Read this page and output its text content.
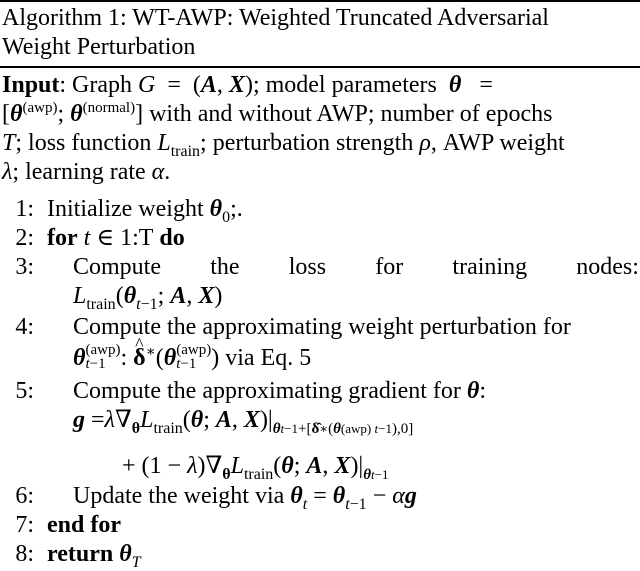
Algorithm 1: WT-AWP: Weighted Truncated Adversarial
Weight Perturbation
Input: Graph G  =  (A, X); model parameters  θ   =
[$\theta^{(awp)}$; $\theta^{(normal)}$] with and without AWP; number of epochs
T; loss function $L_{train}$; perturbation strength ρ, AWP weight
λ; learning rate α.
1: Initialize weight $\theta_0$;.
2: for t ∈ 1:T do
3: Compute the loss for training nodes:
$L_{train}(\theta_{t-1}$; A, X)
4: Compute the approximating weight perturbation for
θ(awp)
t−1 : ^ δ∗(θ(awp)
t−1 ) via Eq. 5
5: Compute the approximating gradient for θ:
$g =\lambda\nabla_\theta L_{train}(\theta$; A, $X)|_{\theta t-1+[\deltâ∗(\theta(awp) t-1),0]}$
+ $(1 - \lambda)\nabla_\theta L_{train}(\theta$; A, $X)|_{\theta t-1}$
6: Update the weight via $\theta_t = \theta_{t-1} - \alpha g$
7: end for
8: return $\theta_T$
